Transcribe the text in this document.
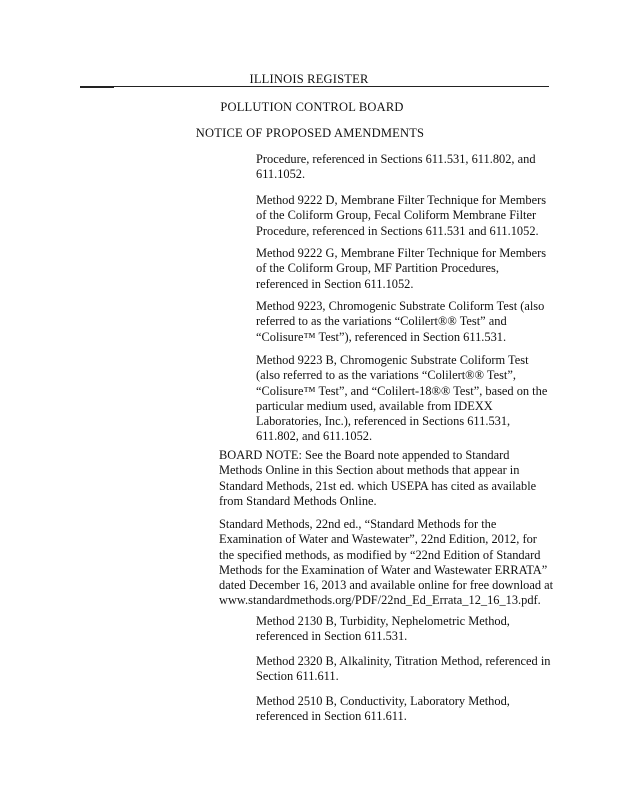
ILLINOIS REGISTER
POLLUTION CONTROL BOARD
NOTICE OF PROPOSED AMENDMENTS
Procedure, referenced in Sections 611.531, 611.802, and
611.1052.
Method 9222 D, Membrane Filter Technique for Members
of the Coliform Group, Fecal Coliform Membrane Filter
Procedure, referenced in Sections 611.531 and 611.1052.
Method 9222 G, Membrane Filter Technique for Members
of the Coliform Group, MF Partition Procedures,
referenced in Section 611.1052.
Method 9223, Chromogenic Substrate Coliform Test (also
referred to as the variations “Colilert®® Test” and
“Colisure™ Test”), referenced in Section 611.531.
Method 9223 B, Chromogenic Substrate Coliform Test
(also referred to as the variations “Colilert®® Test”,
“Colisure™ Test”, and “Colilert-18®® Test”, based on the
particular medium used, available from IDEXX
Laboratories, Inc.), referenced in Sections 611.531,
611.802, and 611.1052.
BOARD NOTE: See the Board note appended to Standard
Methods Online in this Section about methods that appear in
Standard Methods, 21st ed. which USEPA has cited as available
from Standard Methods Online.
Standard Methods, 22nd ed., “Standard Methods for the
Examination of Water and Wastewater”, 22nd Edition, 2012, for
the specified methods, as modified by “22nd Edition of Standard
Methods for the Examination of Water and Wastewater ERRATA”
dated December 16, 2013 and available online for free download at
www.standardmethods.org/PDF/22nd_Ed_Errata_12_16_13.pdf.
Method 2130 B, Turbidity, Nephelometric Method,
referenced in Section 611.531.
Method 2320 B, Alkalinity, Titration Method, referenced in
Section 611.611.
Method 2510 B, Conductivity, Laboratory Method,
referenced in Section 611.611.
